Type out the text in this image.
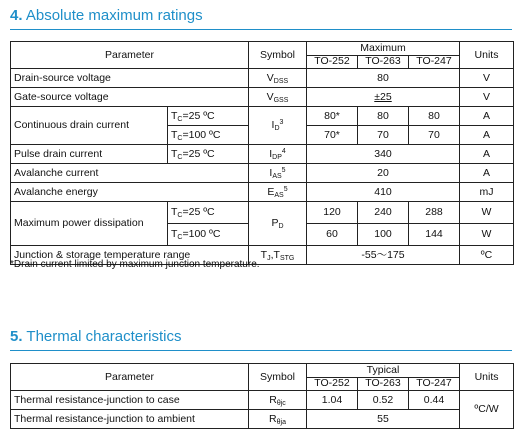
4. Absolute maximum ratings
Parameter		Symbol	Maximum			Units
			TO-252	TO-263	TO-247	
Drain-source voltage		$V_{DSS}$	80			V
Gate-source voltage		$V_{GSS}$	±25			V
Continuous drain current	$T_C=25$ ºC	$I_D^3$	80*	80	80	A
	$T_C=100$ ºC		70*	70	70	A
Pulse drain current	$T_C=25$ ºC	$I_{DP}^4$	340			A
Avalanche current		$I_{AS}^5$	20			A
Avalanche energy		$E_{AS}^5$	410			mJ
Maximum power dissipation	$T_C=25$ ºC	$P_D$	120	240	288	W
	$T_C=100$ ºC		60	100	144	W
Junction & storage temperature range		$T_J,T_{STG}$	-55～175			ºC
*Drain current limited by maximum junction temperature.
5. Thermal characteristics
Parameter	Symbol	Typical			Units
		TO-252	TO-263	TO-247	
Thermal resistance-junction to case	$R_{\theta jc}$	1.04	0.52	0.44	ºC/W
Thermal resistance-junction to ambient	$R_{\theta ja}$	55			
